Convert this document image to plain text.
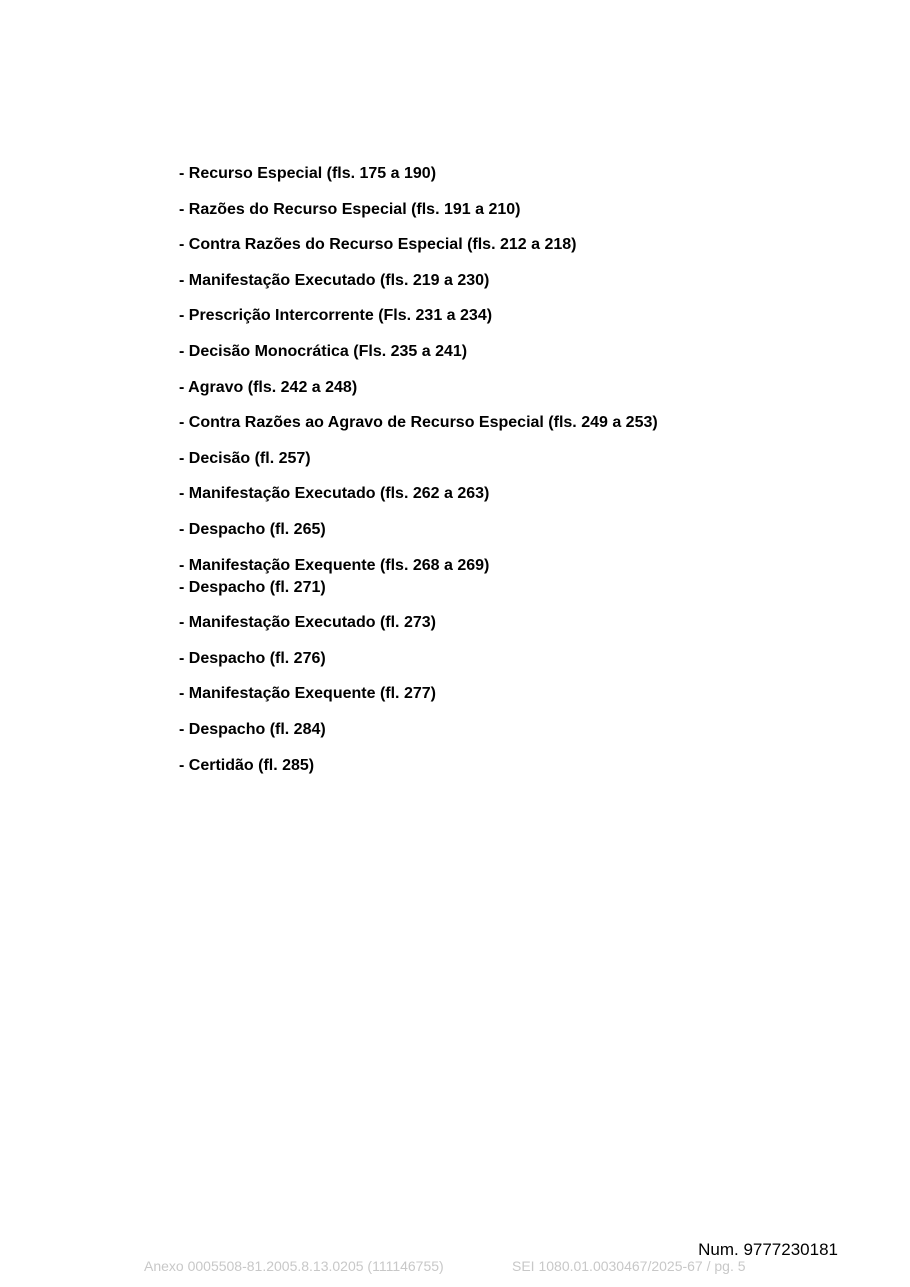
- Recurso Especial (fls. 175 a 190)
- Razões do Recurso Especial (fls. 191 a 210)
- Contra Razões do Recurso Especial (fls. 212 a 218)
- Manifestação Executado (fls. 219 a 230)
- Prescrição Intercorrente (Fls. 231 a 234)
- Decisão Monocrática (Fls. 235 a 241)
- Agravo (fls. 242 a 248)
- Contra Razões ao Agravo de Recurso Especial (fls. 249 a 253)
- Decisão (fl. 257)
- Manifestação Executado (fls. 262 a 263)
- Despacho (fl. 265)
- Manifestação Exequente (fls. 268 a 269)
- Despacho (fl. 271)
- Manifestação Executado (fl. 273)
- Despacho (fl. 276)
- Manifestação Exequente (fl. 277)
- Despacho (fl. 284)
- Certidão (fl. 285)
Num. 9777230181
Anexo 0005508-81.2005.8.13.0205 (111146755)	SEI 1080.01.0030467/2025-67 / pg. 5
